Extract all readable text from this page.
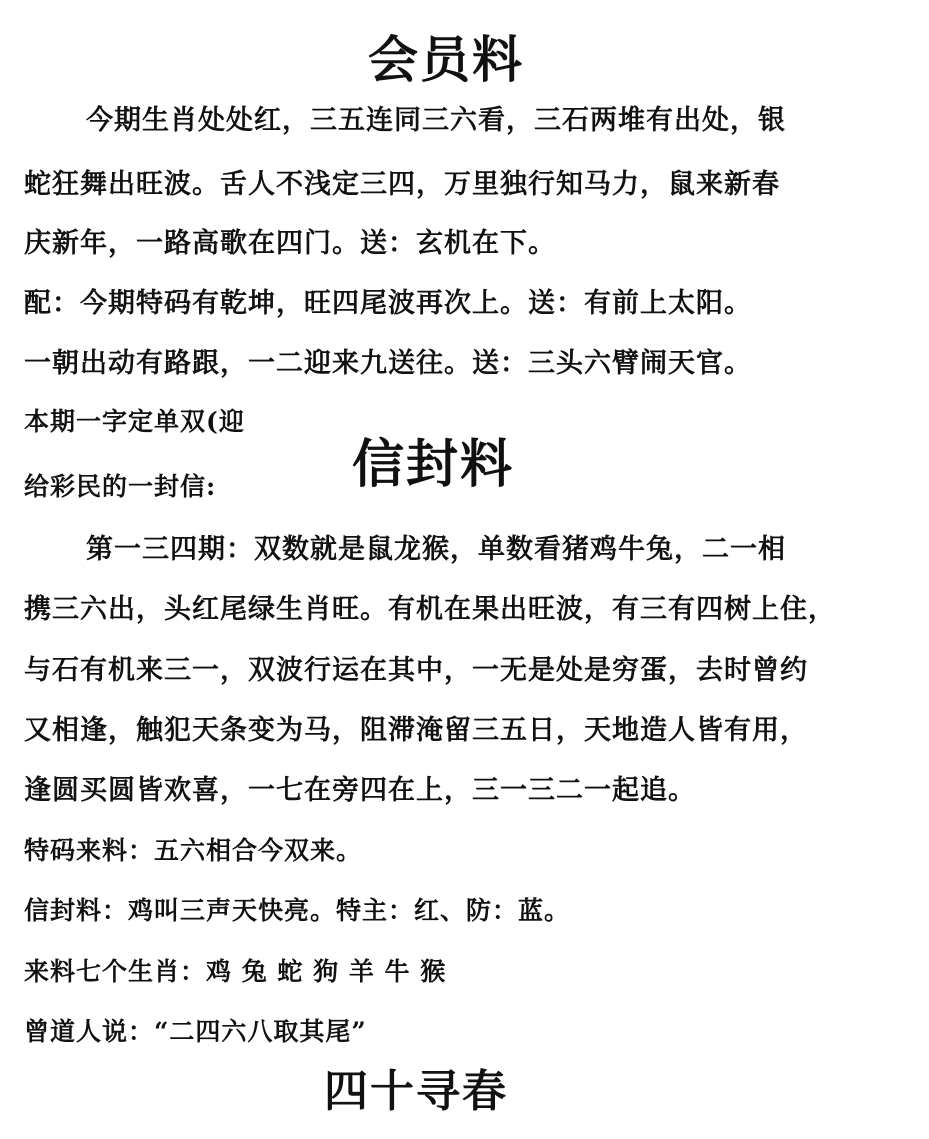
会员料
今期生肖处处红，三五连同三六看，三石两堆有出处，银
蛇狂舞出旺波。舌人不浅定三四，万里独行知马力，鼠来新春
庆新年，一路高歌在四门。送：玄机在下。
配：今期特码有乾坤，旺四尾波再次上。送：有前上太阳。
一朝出动有路跟，一二迎来九送往。送：三头六臂闹天官。
本期一字定单双(迎
给彩民的一封信:	信封料
第一三四期：双数就是鼠龙猴，单数看猪鸡牛兔，二一相
携三六出，头红尾绿生肖旺。有机在果出旺波，有三有四树上住，
与石有机来三一，双波行运在其中，一无是处是穷蛋，去时曾约
又相逢，触犯天条变为马，阻滞淹留三五日，天地造人皆有用，
逢圆买圆皆欢喜，一七在旁四在上，三一三二一起追。
特码来料：五六相合今双来。
信封料：鸡叫三声天快亮。特主：红、防：蓝。
来料七个生肖：鸡 兔 蛇 狗 羊 牛 猴
曾道人说：“二四六八取其尾”
四十寻春
